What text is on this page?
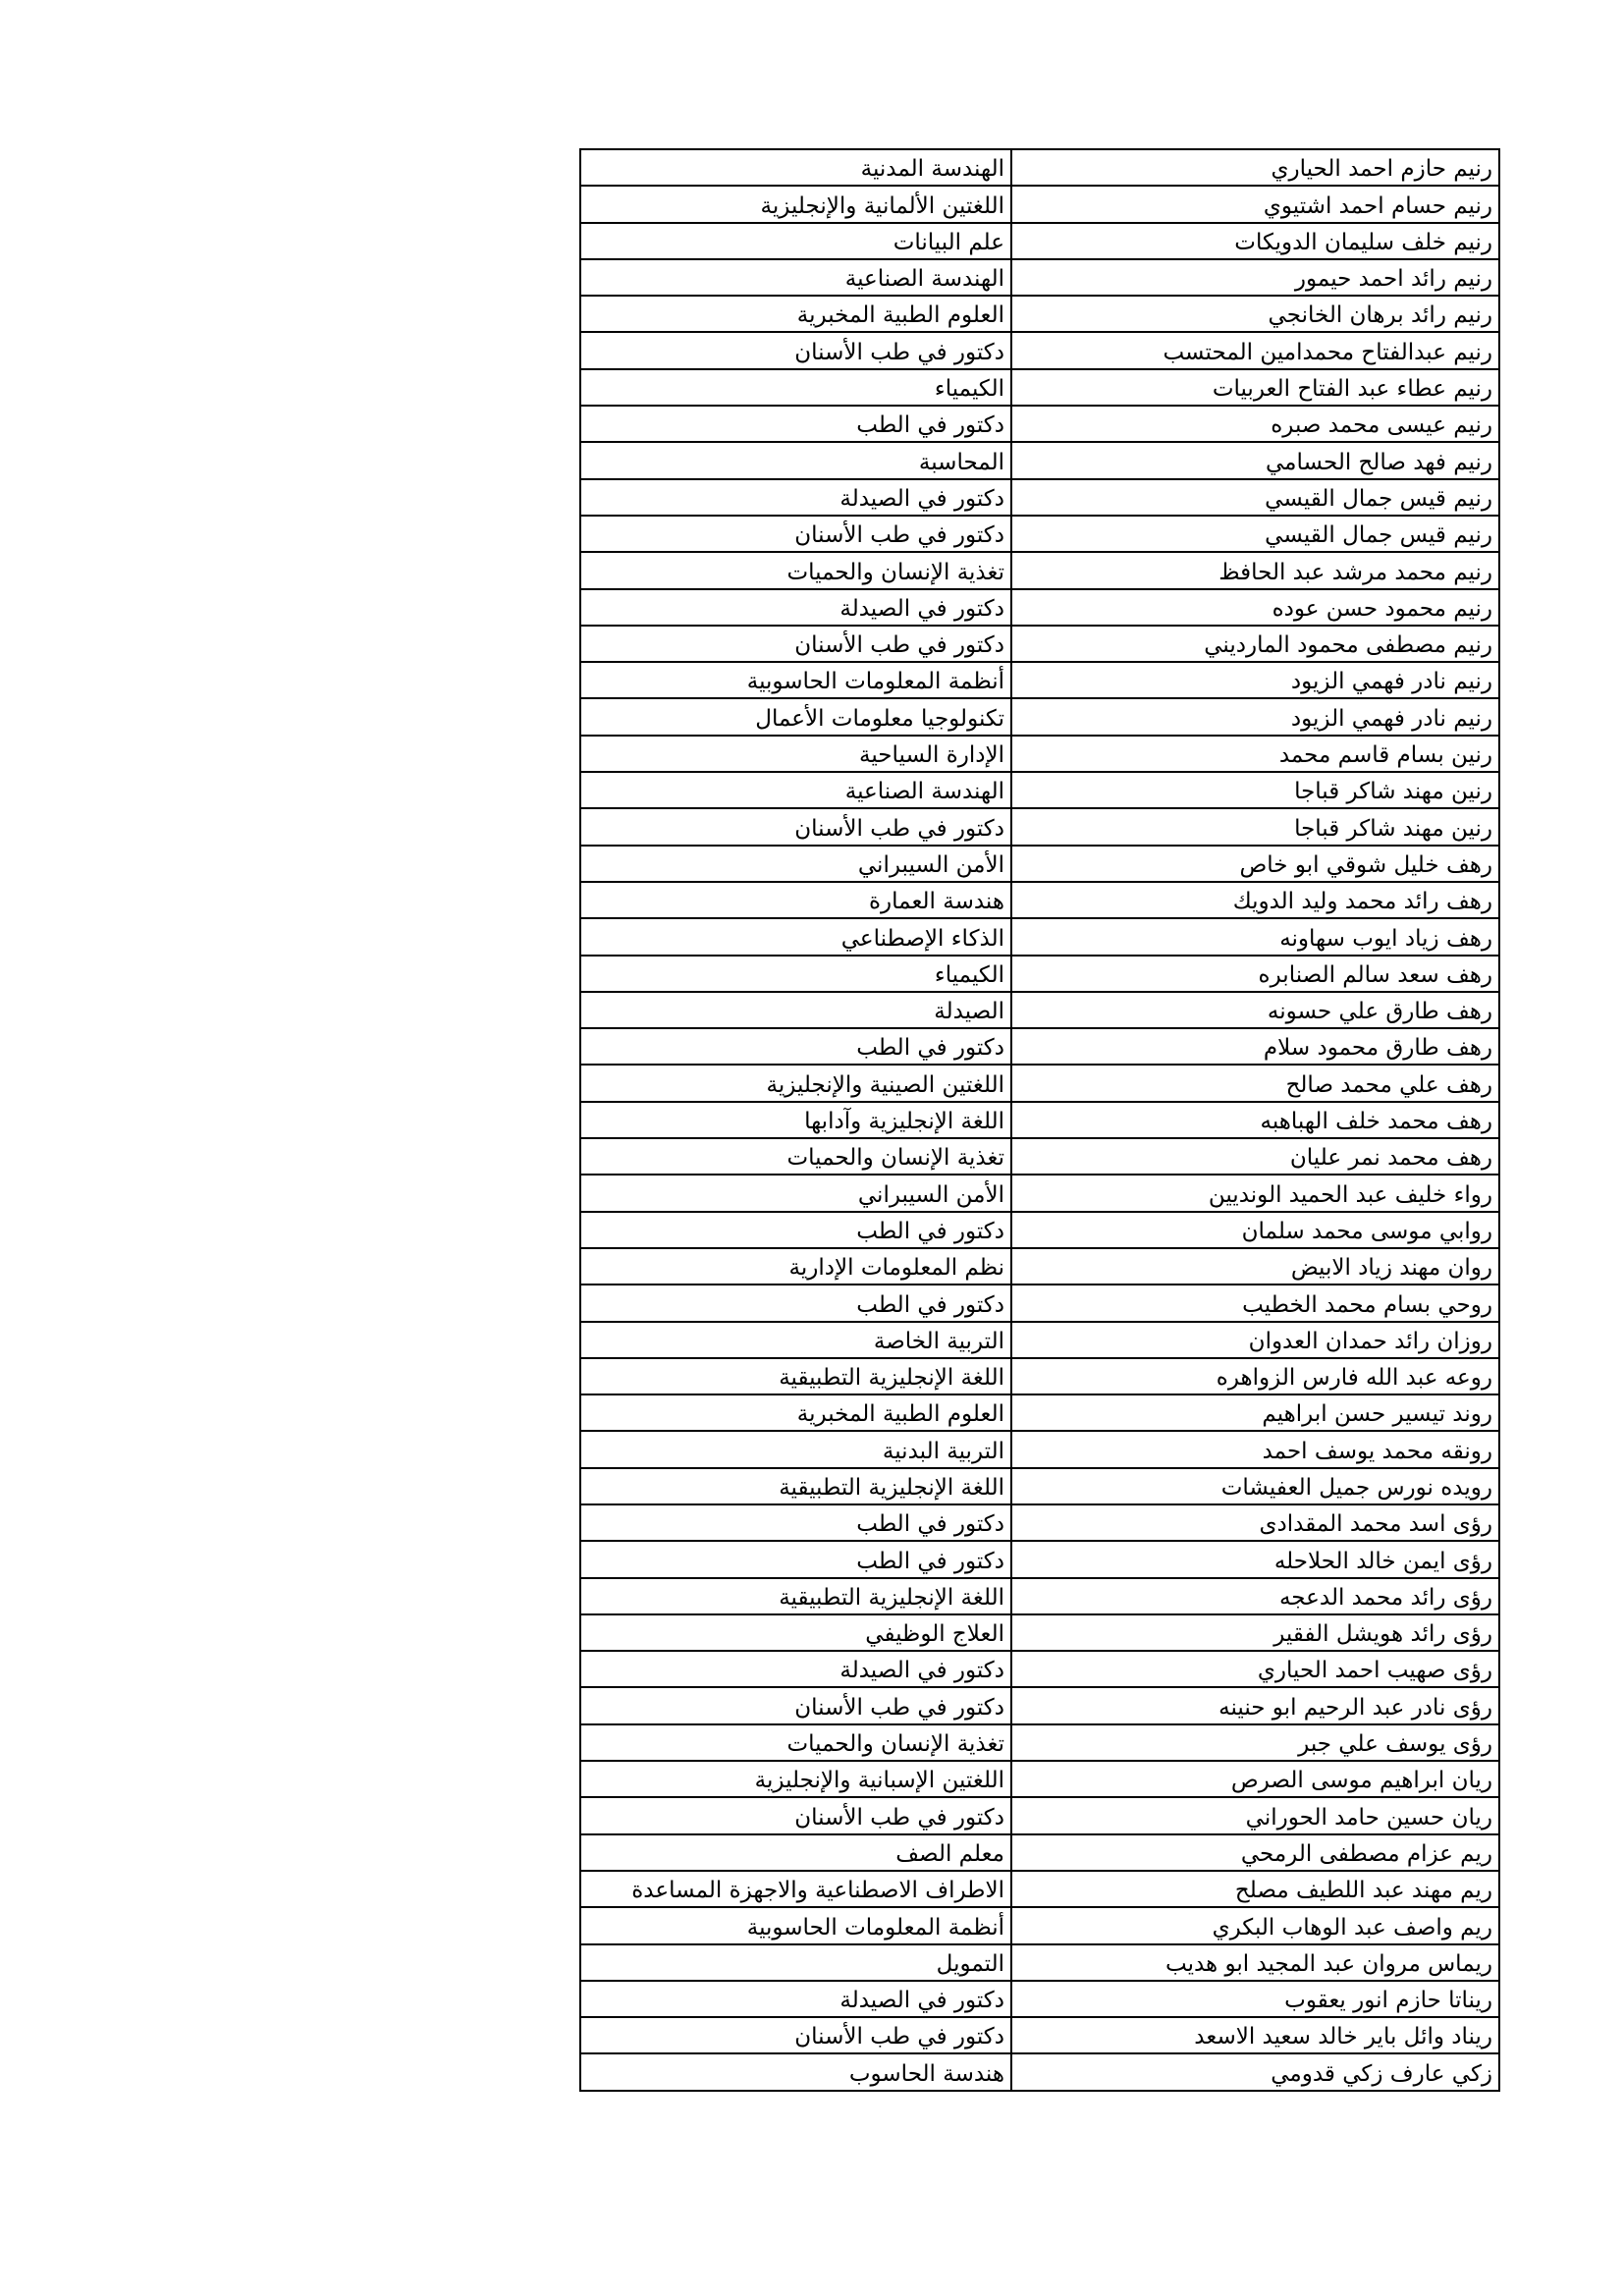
رنيم حازم احمد الحياري	الهندسة المدنية
رنيم حسام احمد اشتيوي	اللغتين الألمانية والإنجليزية
رنيم خلف سليمان الدويكات	علم البيانات
رنيم رائد احمد حيمور	الهندسة الصناعية
رنيم رائد برهان الخانجي	العلوم الطبية المخبرية
رنيم عبدالفتاح محمدامين المحتسب	دكتور في طب الأسنان
رنيم عطاء عبد الفتاح العربيات	الكيمياء
رنيم عيسى محمد صبره	دكتور في الطب
رنيم فهد صالح الحسامي	المحاسبة
رنيم قيس جمال القيسي	دكتور في الصيدلة
رنيم قيس جمال القيسي	دكتور في طب الأسنان
رنيم محمد مرشد عبد الحافظ	تغذية الإنسان والحميات
رنيم محمود حسن عوده	دكتور في الصيدلة
رنيم مصطفى محمود المارديني	دكتور في طب الأسنان
رنيم نادر فهمي الزيود	أنظمة المعلومات الحاسوبية
رنيم نادر فهمي الزيود	تكنولوجيا معلومات الأعمال
رنين بسام قاسم محمد	الإدارة السياحية
رنين مهند شاكر قباجا	الهندسة الصناعية
رنين مهند شاكر قباجا	دكتور في طب الأسنان
رهف خليل شوقي ابو خاص	الأمن السيبراني
رهف رائد محمد وليد الدويك	هندسة العمارة
رهف زياد ايوب سهاونه	الذكاء الإصطناعي
رهف سعد سالم الصنابره	الكيمياء
رهف طارق علي حسونه	الصيدلة
رهف طارق محمود سلام	دكتور في الطب
رهف علي محمد صالح	اللغتين الصينية والإنجليزية
رهف محمد خلف الهباهبه	اللغة الإنجليزية وآدابها
رهف محمد نمر عليان	تغذية الإنسان والحميات
رواء خليف عبد الحميد الونديين	الأمن السيبراني
روابي موسى محمد سلمان	دكتور في الطب
روان مهند زياد الابيض	نظم المعلومات الإدارية
روحي بسام محمد الخطيب	دكتور في الطب
روزان رائد حمدان العدوان	التربية الخاصة
روعه عبد الله فارس الزواهره	اللغة الإنجليزية التطبيقية
روند تيسير حسن ابراهيم	العلوم الطبية المخبرية
رونقه محمد يوسف احمد	التربية البدنية
رويده نورس جميل العفيشات	اللغة الإنجليزية التطبيقية
رؤى اسد محمد المقدادى	دكتور في الطب
رؤى ايمن خالد الحلاحله	دكتور في الطب
رؤى رائد محمد الدعجه	اللغة الإنجليزية التطبيقية
رؤى رائد هويشل الفقير	العلاج الوظيفي
رؤى صهيب احمد الحياري	دكتور في الصيدلة
رؤى نادر عبد الرحيم ابو حنينه	دكتور في طب الأسنان
رؤى يوسف علي جبر	تغذية الإنسان والحميات
ريان ابراهيم موسى الصرص	اللغتين الإسبانية والإنجليزية
ريان حسين حامد الحوراني	دكتور في طب الأسنان
ريم عزام مصطفى الرمحي	معلم الصف
ريم مهند عبد اللطيف مصلح	الاطراف الاصطناعية والاجهزة المساعدة
ريم واصف عبد الوهاب البكري	أنظمة المعلومات الحاسوبية
ريماس مروان عبد المجيد ابو هديب	التمويل
ريناتا حازم انور يعقوب	دكتور في الصيدلة
ريناد وائل باير خالد سعيد الاسعد	دكتور في طب الأسنان
زكي عارف زكي قدومي	هندسة الحاسوب
